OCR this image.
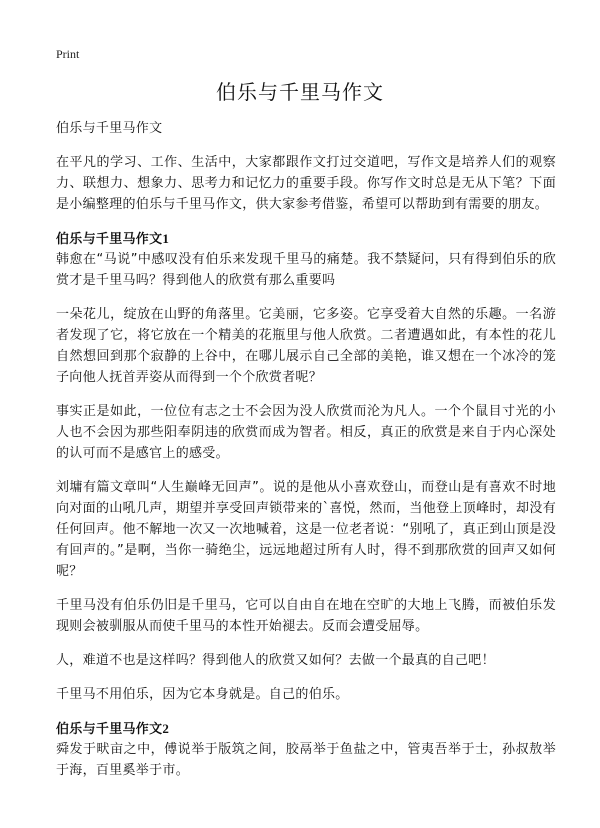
Print
伯乐与千里马作文

伯乐与千里马作文

在平凡的学习、工作、生活中，大家都跟作文打过交道吧，写作文是培养人们的观察力、联想力、想象力、思考力和记忆力的重要手段。你写作文时总是无从下笔？下面是小编整理的伯乐与千里马作文，供大家参考借鉴，希望可以帮助到有需要的朋友。

伯乐与千里马作文1

韩愈在“马说”中感叹没有伯乐来发现千里马的痛楚。我不禁疑问，只有得到伯乐的欣赏才是千里马吗？得到他人的欣赏有那么重要吗

一朵花儿，绽放在山野的角落里。它美丽，它多姿。它享受着大自然的乐趣。一名游者发现了它，将它放在一个精美的花瓶里与他人欣赏。二者遭遇如此，有本性的花儿自然想回到那个寂静的上谷中，在哪儿展示自己全部的美艳，谁又想在一个冰冷的笼子向他人抚首弄姿从而得到一个个欣赏者呢？

事实正是如此，一位位有志之士不会因为没人欣赏而沦为凡人。一个个鼠目寸光的小人也不会因为那些阳奉阴违的欣赏而成为智者。相反，真正的欣赏是来自于内心深处的认可而不是感官上的感受。

刘墉有篇文章叫“人生巅峰无回声”。说的是他从小喜欢登山，而登山是有喜欢不时地向对面的山吼几声，期望并享受回声锁带来的`喜悦，然而，当他登上顶峰时，却没有任何回声。他不解地一次又一次地喊着，这是一位老者说：“别吼了，真正到山顶是没有回声的。”是啊，当你一骑绝尘，远远地超过所有人时，得不到那欣赏的回声又如何呢？

千里马没有伯乐仍旧是千里马，它可以自由自在地在空旷的大地上飞腾，而被伯乐发现则会被驯服从而使千里马的本性开始褪去。反而会遭受屈辱。

人，难道不也是这样吗？得到他人的欣赏又如何？去做一个最真的自己吧！

千里马不用伯乐，因为它本身就是。自己的伯乐。

伯乐与千里马作文2

舜发于畎亩之中，傅说举于版筑之间，胶鬲举于鱼盐之中，管夷吾举于士，孙叔敖举于海，百里奚举于市。
